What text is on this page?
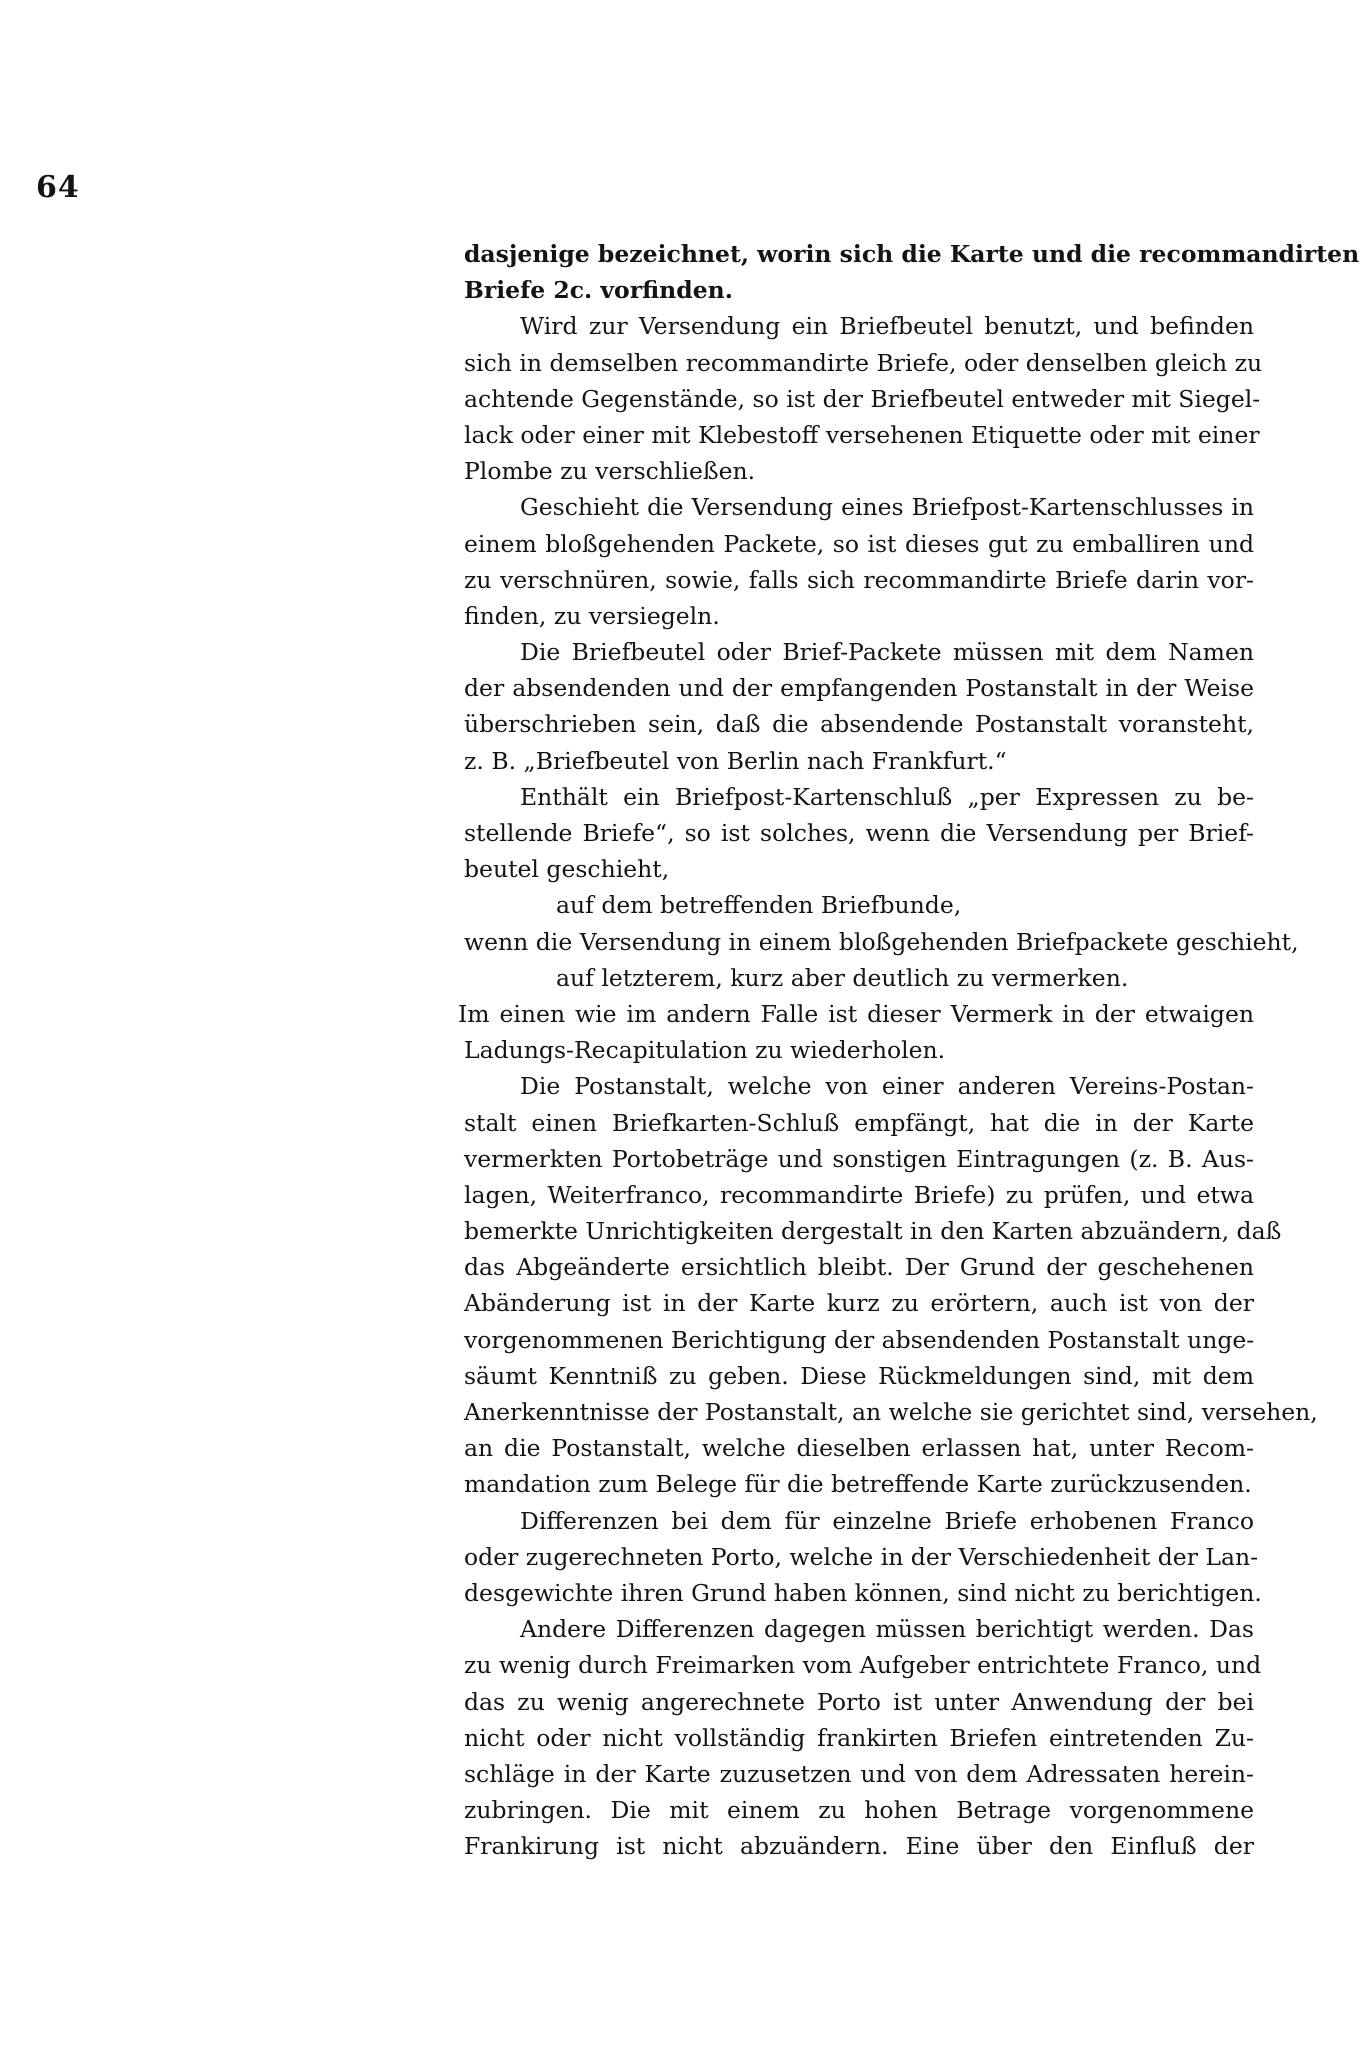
64
dasjenige bezeichnet, worin sich die Karte und die recommandirten
Briefe 2c. vorfinden.
Wird zur Versendung ein Briefbeutel benutzt, und befinden
sich in demselben recommandirte Briefe, oder denselben gleich zu
achtende Gegenstände, so ist der Briefbeutel entweder mit Siegel-
lack oder einer mit Klebestoff versehenen Etiquette oder mit einer
Plombe zu verschließen.
Geschieht die Versendung eines Briefpost-Kartenschlusses in
einem bloßgehenden Packete, so ist dieses gut zu emballiren und
zu verschnüren, sowie, falls sich recommandirte Briefe darin vor-
finden, zu versiegeln.
Die Briefbeutel oder Brief-Packete müssen mit dem Namen
der absendenden und der empfangenden Postanstalt in der Weise
überschrieben sein, daß die absendende Postanstalt voransteht,
z. B. „Briefbeutel von Berlin nach Frankfurt.“
Enthält ein Briefpost-Kartenschluß „per Expressen zu be-
stellende Briefe“, so ist solches, wenn die Versendung per Brief-
beutel geschieht,
auf dem betreffenden Briefbunde,
wenn die Versendung in einem bloßgehenden Briefpackete geschieht,
auf letzterem, kurz aber deutlich zu vermerken.
Im einen wie im andern Falle ist dieser Vermerk in der etwaigen
Ladungs-Recapitulation zu wiederholen.
Die Postanstalt, welche von einer anderen Vereins-Postan-
stalt einen Briefkarten-Schluß empfängt, hat die in der Karte
vermerkten Portobeträge und sonstigen Eintragungen (z. B. Aus-
lagen, Weiterfranco, recommandirte Briefe) zu prüfen, und etwa
bemerkte Unrichtigkeiten dergestalt in den Karten abzuändern, daß
das Abgeänderte ersichtlich bleibt. Der Grund der geschehenen
Abänderung ist in der Karte kurz zu erörtern, auch ist von der
vorgenommenen Berichtigung der absendenden Postanstalt unge-
säumt Kenntniß zu geben. Diese Rückmeldungen sind, mit dem
Anerkenntnisse der Postanstalt, an welche sie gerichtet sind, versehen,
an die Postanstalt, welche dieselben erlassen hat, unter Recom-
mandation zum Belege für die betreffende Karte zurückzusenden.
Differenzen bei dem für einzelne Briefe erhobenen Franco
oder zugerechneten Porto, welche in der Verschiedenheit der Lan-
desgewichte ihren Grund haben können, sind nicht zu berichtigen.
Andere Differenzen dagegen müssen berichtigt werden. Das
zu wenig durch Freimarken vom Aufgeber entrichtete Franco, und
das zu wenig angerechnete Porto ist unter Anwendung der bei
nicht oder nicht vollständig frankirten Briefen eintretenden Zu-
schläge in der Karte zuzusetzen und von dem Adressaten herein-
zubringen. Die mit einem zu hohen Betrage vorgenommene
Frankirung ist nicht abzuändern. Eine über den Einfluß der
